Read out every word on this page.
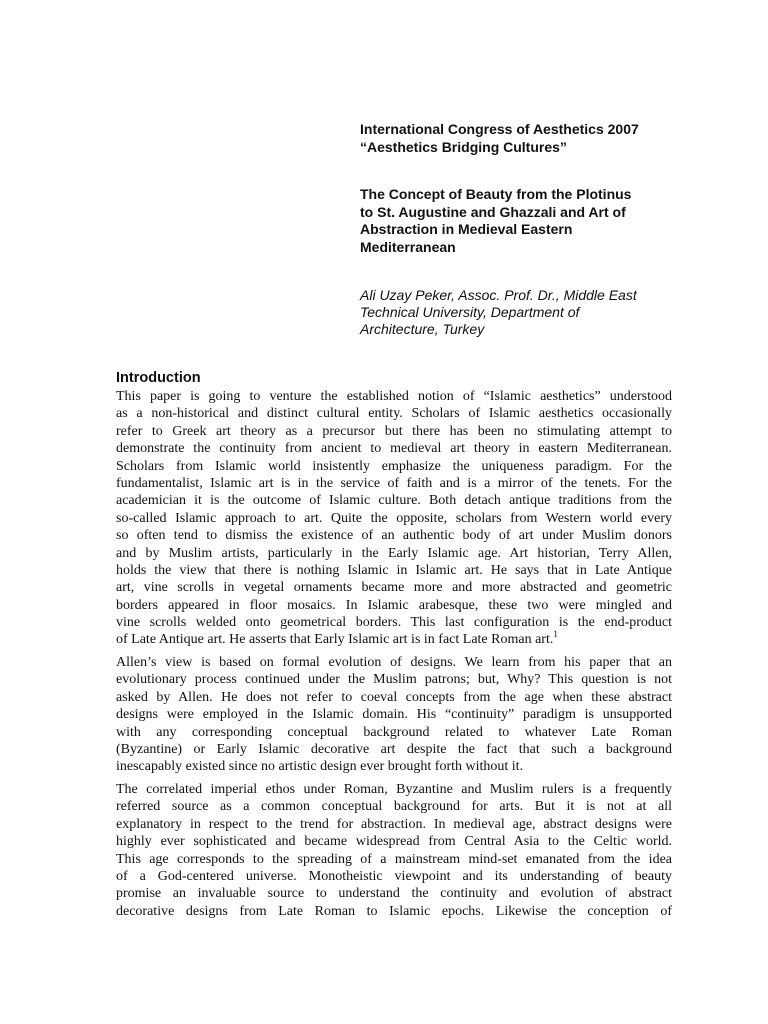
International Congress of Aesthetics 2007
“Aesthetics Bridging Cultures”
The Concept of Beauty from the Plotinus
to St. Augustine and Ghazzali and Art of
Abstraction in Medieval Eastern
Mediterranean
Ali Uzay Peker, Assoc. Prof. Dr., Middle East
Technical University, Department of
Architecture, Turkey
Introduction
This paper is going to venture the established notion of “Islamic aesthetics” understood
as a non-historical and distinct cultural entity. Scholars of Islamic aesthetics occasionally
refer to Greek art theory as a precursor but there has been no stimulating attempt to
demonstrate the continuity from ancient to medieval art theory in eastern Mediterranean.
Scholars from Islamic world insistently emphasize the uniqueness paradigm. For the
fundamentalist, Islamic art is in the service of faith and is a mirror of the tenets. For the
academician it is the outcome of Islamic culture. Both detach antique traditions from the
so-called Islamic approach to art. Quite the opposite, scholars from Western world every
so often tend to dismiss the existence of an authentic body of art under Muslim donors
and by Muslim artists, particularly in the Early Islamic age. Art historian, Terry Allen,
holds the view that there is nothing Islamic in Islamic art. He says that in Late Antique
art, vine scrolls in vegetal ornaments became more and more abstracted and geometric
borders appeared in floor mosaics. In Islamic arabesque, these two were mingled and
vine scrolls welded onto geometrical borders. This last configuration is the end-product
of Late Antique art. He asserts that Early Islamic art is in fact Late Roman art.$^1$
Allen’s view is based on formal evolution of designs. We learn from his paper that an
evolutionary process continued under the Muslim patrons; but, Why? This question is not
asked by Allen. He does not refer to coeval concepts from the age when these abstract
designs were employed in the Islamic domain. His “continuity” paradigm is unsupported
with any corresponding conceptual background related to whatever Late Roman
(Byzantine) or Early Islamic decorative art despite the fact that such a background
inescapably existed since no artistic design ever brought forth without it.
The correlated imperial ethos under Roman, Byzantine and Muslim rulers is a frequently
referred source as a common conceptual background for arts. But it is not at all
explanatory in respect to the trend for abstraction. In medieval age, abstract designs were
highly ever sophisticated and became widespread from Central Asia to the Celtic world.
This age corresponds to the spreading of a mainstream mind-set emanated from the idea
of a God-centered universe. Monotheistic viewpoint and its understanding of beauty
promise an invaluable source to understand the continuity and evolution of abstract
decorative designs from Late Roman to Islamic epochs. Likewise the conception of
